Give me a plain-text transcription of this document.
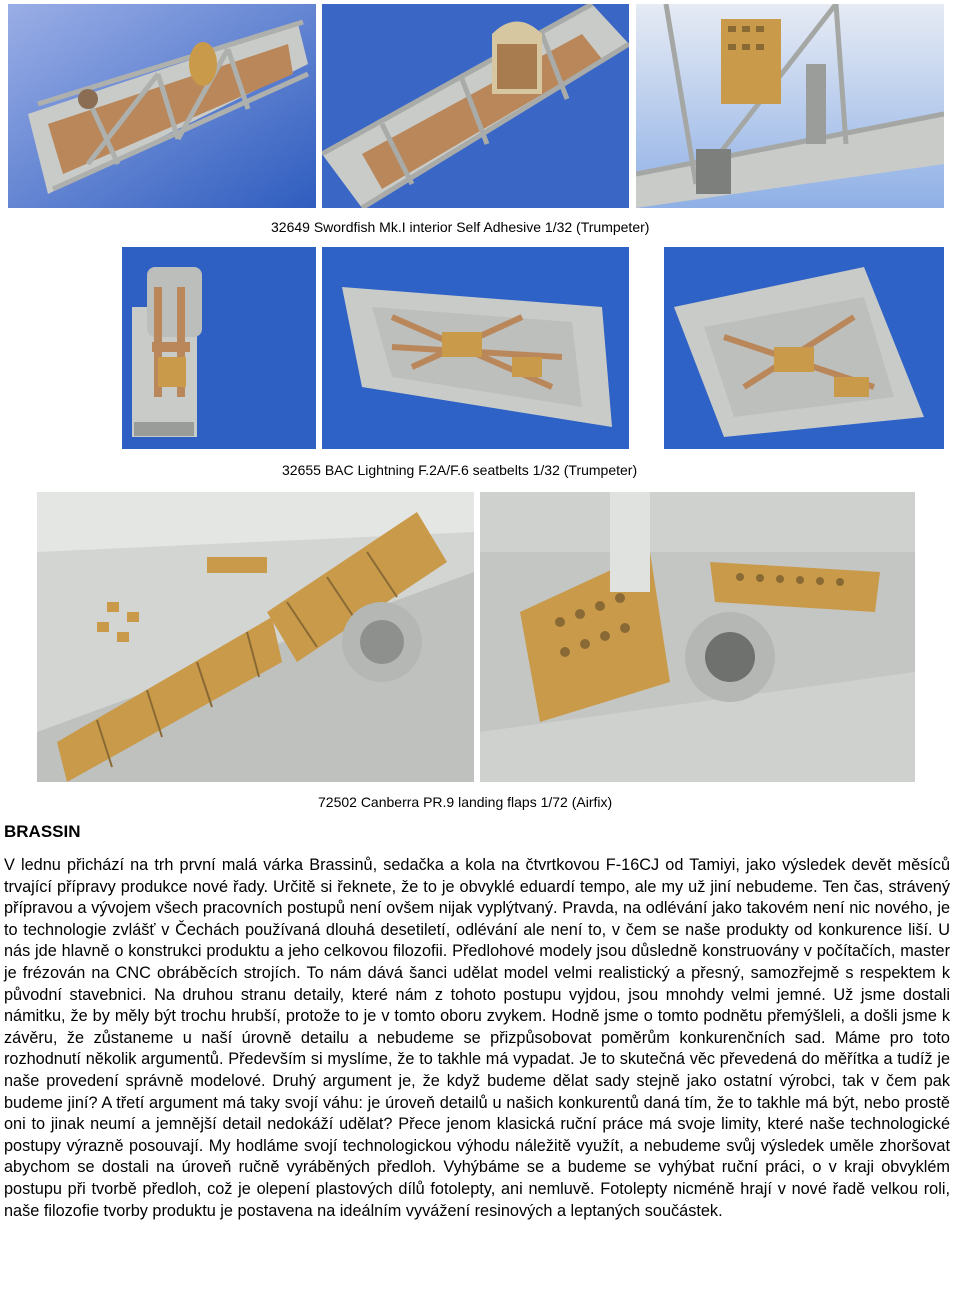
32649 Swordfish Mk.I interior Self Adhesive 1/32 (Trumpeter)
32655 BAC Lightning F.2A/F.6 seatbelts 1/32 (Trumpeter)
72502 Canberra PR.9 landing flaps 1/72 (Airfix)
BRASSIN

V lednu přichází na trh první malá várka Brassinů, sedačka a kola na čtvrtkovou F-16CJ od Tamiyi, jako výsledek devět měsíců trvající přípravy produkce nové řady. Určitě si řeknete, že to je obvyklé eduardí tempo, ale my už jiní nebudeme. Ten čas, strávený přípravou a vývojem všech pracovních postupů není ovšem nijak vyplýtvaný. Pravda, na odlévání jako takovém není nic nového, je to technologie zvlášť v Čechách používaná dlouhá desetiletí, odlévání ale není to, v čem se naše produkty od konkurence liší. U nás jde hlavně o konstrukci produktu a jeho celkovou filozofii. Předlohové modely jsou důsledně konstruovány v počítačích, master je frézován na CNC obráběcích strojích. To nám dává šanci udělat model velmi realistický a přesný, samozřejmě s respektem k původní stavebnici. Na druhou stranu detaily, které nám z tohoto postupu vyjdou, jsou mnohdy velmi jemné. Už jsme dostali námitku, že by měly být trochu hrubší, protože to je v tomto oboru zvykem. Hodně jsme o tomto podnětu přemýšleli, a došli jsme k závěru, že zůstaneme u naší úrovně detailu a nebudeme se přizpůsobovat poměrům konkurenčních sad. Máme pro toto rozhodnutí několik argumentů. Především si myslíme, že to takhle má vypadat. Je to skutečná věc převedená do měřítka a tudíž je naše provedení správně modelové. Druhý argument je, že když budeme dělat sady stejně jako ostatní výrobci, tak v čem pak budeme jiní? A třetí argument má taky svojí váhu: je úroveň detailů u našich konkurentů daná tím, že to takhle má být, nebo prostě oni to jinak neumí a jemnější detail nedokáží udělat? Přece jenom klasická ruční práce má svoje limity, které naše technologické postupy výrazně posouvají. My hodláme svojí technologickou výhodu náležitě využít, a nebudeme svůj výsledek uměle zhoršovat abychom se dostali na úroveň ručně vyráběných předloh. Vyhýbáme se a budeme se vyhýbat ruční práci, o v kraji obvyklém postupu při tvorbě předloh, což je olepení plastových dílů fotolepty, ani nemluvě. Fotolepty nicméně hrají v nové řadě velkou roli, naše filozofie tvorby produktu je postavena na ideálním vyvážení resinových a leptaných součástek.
